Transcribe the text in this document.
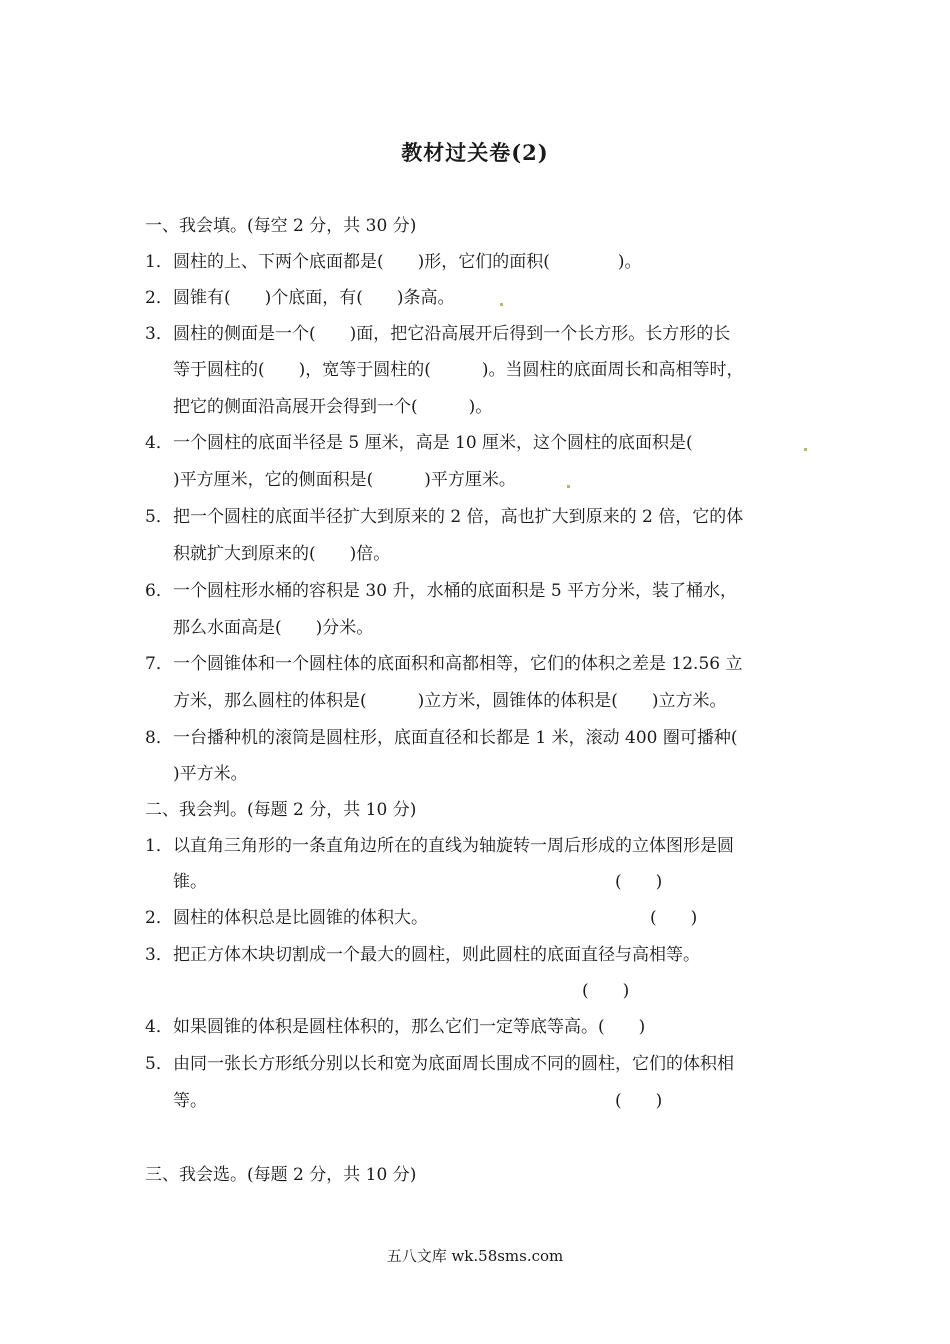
教材过关卷(2)
一、我会填。(每空 2 分，共 30 分)
1．圆柱的上、下两个底面都是(　　)形，它们的面积(　　　　)。
2．圆锥有(　　)个底面，有(　　)条高。
3．圆柱的侧面是一个(　　)面，把它沿高展开后得到一个长方形。长方形的长
等于圆柱的(　　)，宽等于圆柱的(　　　)。当圆柱的底面周长和高相等时，
把它的侧面沿高展开会得到一个(　　　)。
4．一个圆柱的底面半径是 5 厘米，高是 10 厘米，这个圆柱的底面积是(
)平方厘米，它的侧面积是(　　　)平方厘米。
5．把一个圆柱的底面半径扩大到原来的 2 倍，高也扩大到原来的 2 倍，它的体
积就扩大到原来的(　　)倍。
6．一个圆柱形水桶的容积是 30 升，水桶的底面积是 5 平方分米，装了桶水，
那么水面高是(　　)分米。
7．一个圆锥体和一个圆柱体的底面积和高都相等，它们的体积之差是 12.56 立
方米，那么圆柱的体积是(　　　)立方米，圆锥体的体积是(　　)立方米。
8．一台播种机的滚筒是圆柱形，底面直径和长都是 1 米，滚动 400 圈可播种(
)平方米。
二、我会判。(每题 2 分，共 10 分)
1．以直角三角形的一条直角边所在的直线为轴旋转一周后形成的立体图形是圆
锥。	(　　)
2．圆柱的体积总是比圆锥的体积大。	(　　)
3．把正方体木块切割成一个最大的圆柱，则此圆柱的底面直径与高相等。
(　　)
4．如果圆锥的体积是圆柱体积的，那么它们一定等底等高。(　　)
5．由同一张长方形纸分别以长和宽为底面周长围成不同的圆柱，它们的体积相
等。	(　　)
三、我会选。(每题 2 分，共 10 分)
五八文库 wk.58sms.com
